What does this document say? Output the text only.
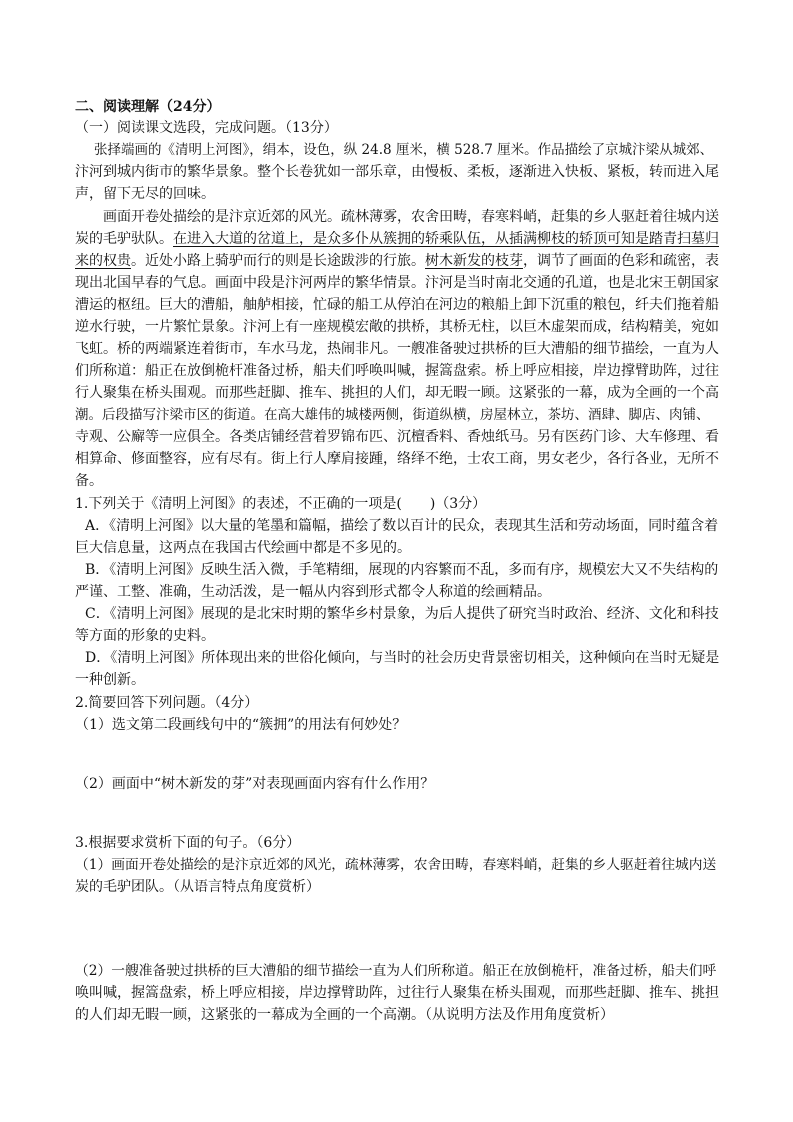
二、阅读理解（24分）
（一）阅读课文选段，完成问题。（13分）
张择端画的《清明上河图》，绢本，设色，纵 24.8 厘米，横 528.7 厘米。作品描绘了京城汴梁从城郊、
汴河到城内街市的繁华景象。整个长卷犹如一部乐章，由慢板、柔板，逐渐进入快板、紧板，转而进入尾
声，留下无尽的回味。
画面开卷处描绘的是汴京近郊的风光。疏林薄雾，农舍田畴，春寒料峭，赶集的乡人驱赶着往城内送
炭的毛驴驮队。在进入大道的岔道上，是众多仆从簇拥的轿乘队伍，从插满柳枝的轿顶可知是踏青扫墓归
来的权贵。近处小路上骑驴而行的则是长途跋涉的行旅。树木新发的枝芽，调节了画面的色彩和疏密，表
现出北国早春的气息。画面中段是汴河两岸的繁华情景。汴河是当时南北交通的孔道，也是北宋王朝国家
漕运的枢纽。巨大的漕船，舳舻相接，忙碌的船工从停泊在河边的粮船上卸下沉重的粮包，纤夫们拖着船
逆水行驶，一片繁忙景象。汴河上有一座规模宏敞的拱桥，其桥无柱，以巨木虚架而成，结构精美，宛如
飞虹。桥的两端紧连着街市，车水马龙，热闹非凡。一艘准备驶过拱桥的巨大漕船的细节描绘，一直为人
们所称道：船正在放倒桅杆准备过桥，船夫们呼唤叫喊，握篙盘索。桥上呼应相接，岸边撑臂助阵，过往
行人聚集在桥头围观。而那些赶脚、推车、挑担的人们，却无暇一顾。这紧张的一幕，成为全画的一个高
潮。后段描写汴梁市区的街道。在高大雄伟的城楼两侧，街道纵横，房屋林立，茶坊、酒肆、脚店、肉铺、
寺观、公廨等一应俱全。各类店铺经营着罗锦布匹、沉檀香料、香烛纸马。另有医药门诊、大车修理、看
相算命、修面整容，应有尽有。街上行人摩肩接踵，络绎不绝，士农工商，男女老少，各行各业，无所不
备。
1.下列关于《清明上河图》的表述，不正确的一项是(　　)（3分）
A．《清明上河图》以大量的笔墨和篇幅，描绘了数以百计的民众，表现其生活和劳动场面，同时蕴含着
巨大信息量，这两点在我国古代绘画中都是不多见的。
B．《清明上河图》反映生活入微，手笔精细，展现的内容繁而不乱，多而有序，规模宏大又不失结构的
严谨、工整、准确，生动活泼，是一幅从内容到形式都令人称道的绘画精品。
C．《清明上河图》展现的是北宋时期的繁华乡村景象，为后人提供了研究当时政治、经济、文化和科技
等方面的形象的史料。
D．《清明上河图》所体现出来的世俗化倾向，与当时的社会历史背景密切相关，这种倾向在当时无疑是
一种创新。
2.简要回答下列问题。（4分）
（1）选文第二段画线句中的“簇拥”的用法有何妙处？
（2）画面中“树木新发的芽”对表现画面内容有什么作用？
3.根据要求赏析下面的句子。（6分）
（1）画面开卷处描绘的是汴京近郊的风光，疏林薄雾，农舍田畴，春寒料峭，赶集的乡人驱赶着往城内送
炭的毛驴团队。（从语言特点角度赏析）
（2）一艘准备驶过拱桥的巨大漕船的细节描绘一直为人们所称道。船正在放倒桅杆，准备过桥，船夫们呼
唤叫喊，握篙盘索，桥上呼应相接，岸边撑臂助阵，过往行人聚集在桥头围观，而那些赶脚、推车、挑担
的人们却无暇一顾，这紧张的一幕成为全画的一个高潮。（从说明方法及作用角度赏析）
